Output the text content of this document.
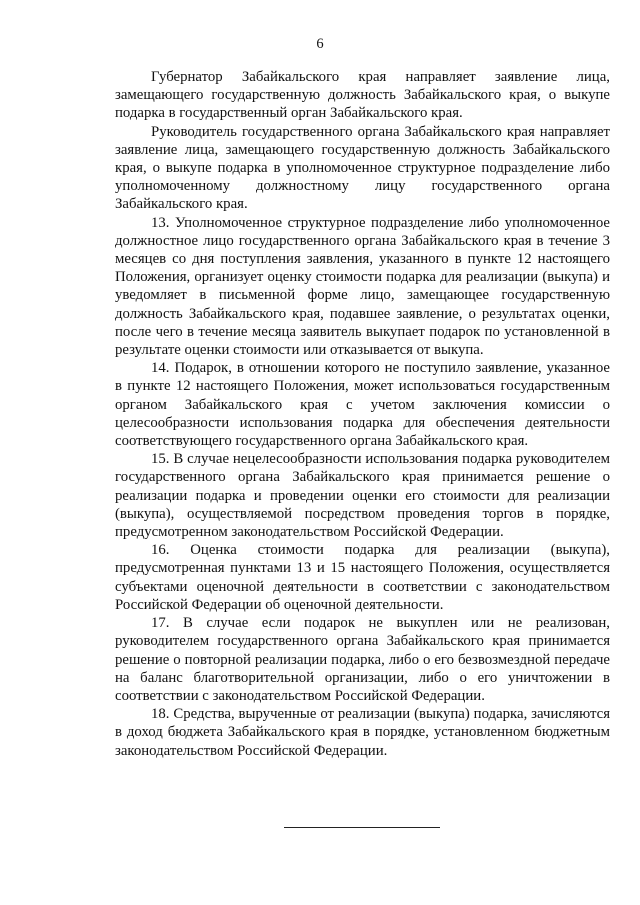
6

Губернатор Забайкальского края направляет заявление лица, замещающего государственную должность Забайкальского края, о выкупе подарка в государственный орган Забайкальского края.

Руководитель государственного органа Забайкальского края направляет заявление лица, замещающего государственную должность Забайкальского края, о выкупе подарка в уполномоченное структурное подразделение либо уполномоченному должностному лицу государственного органа Забайкальского края.

13. Уполномоченное структурное подразделение либо уполномоченное должностное лицо государственного органа Забайкальского края в течение 3 месяцев со дня поступления заявления, указанного в пункте 12 настоящего Положения, организует оценку стоимости подарка для реализации (выкупа) и уведомляет в письменной форме лицо, замещающее государственную должность Забайкальского края, подавшее заявление, о результатах оценки, после чего в течение месяца заявитель выкупает подарок по установленной в результате оценки стоимости или отказывается от выкупа.

14. Подарок, в отношении которого не поступило заявление, указанное в пункте 12 настоящего Положения, может использоваться государственным органом Забайкальского края с учетом заключения комиссии о целесообразности использования подарка для обеспечения деятельности соответствующего государственного органа Забайкальского края.

15. В случае нецелесообразности использования подарка руководителем государственного органа Забайкальского края принимается решение о реализации подарка и проведении оценки его стоимости для реализации (выкупа), осуществляемой посредством проведения торгов в порядке, предусмотренном законодательством Российской Федерации.

16. Оценка стоимости подарка для реализации (выкупа), предусмотренная пунктами 13 и 15 настоящего Положения, осуществляется субъектами оценочной деятельности в соответствии с законодательством Российской Федерации об оценочной деятельности.

17. В случае если подарок не выкуплен или не реализован, руководителем государственного органа Забайкальского края принимается решение о повторной реализации подарка, либо о его безвозмездной передаче на баланс благотворительной организации, либо о его уничтожении в соответствии с законодательством Российской Федерации.

18. Средства, вырученные от реализации (выкупа) подарка, зачисляются в доход бюджета Забайкальского края в порядке, установленном бюджетным законодательством Российской Федерации.
